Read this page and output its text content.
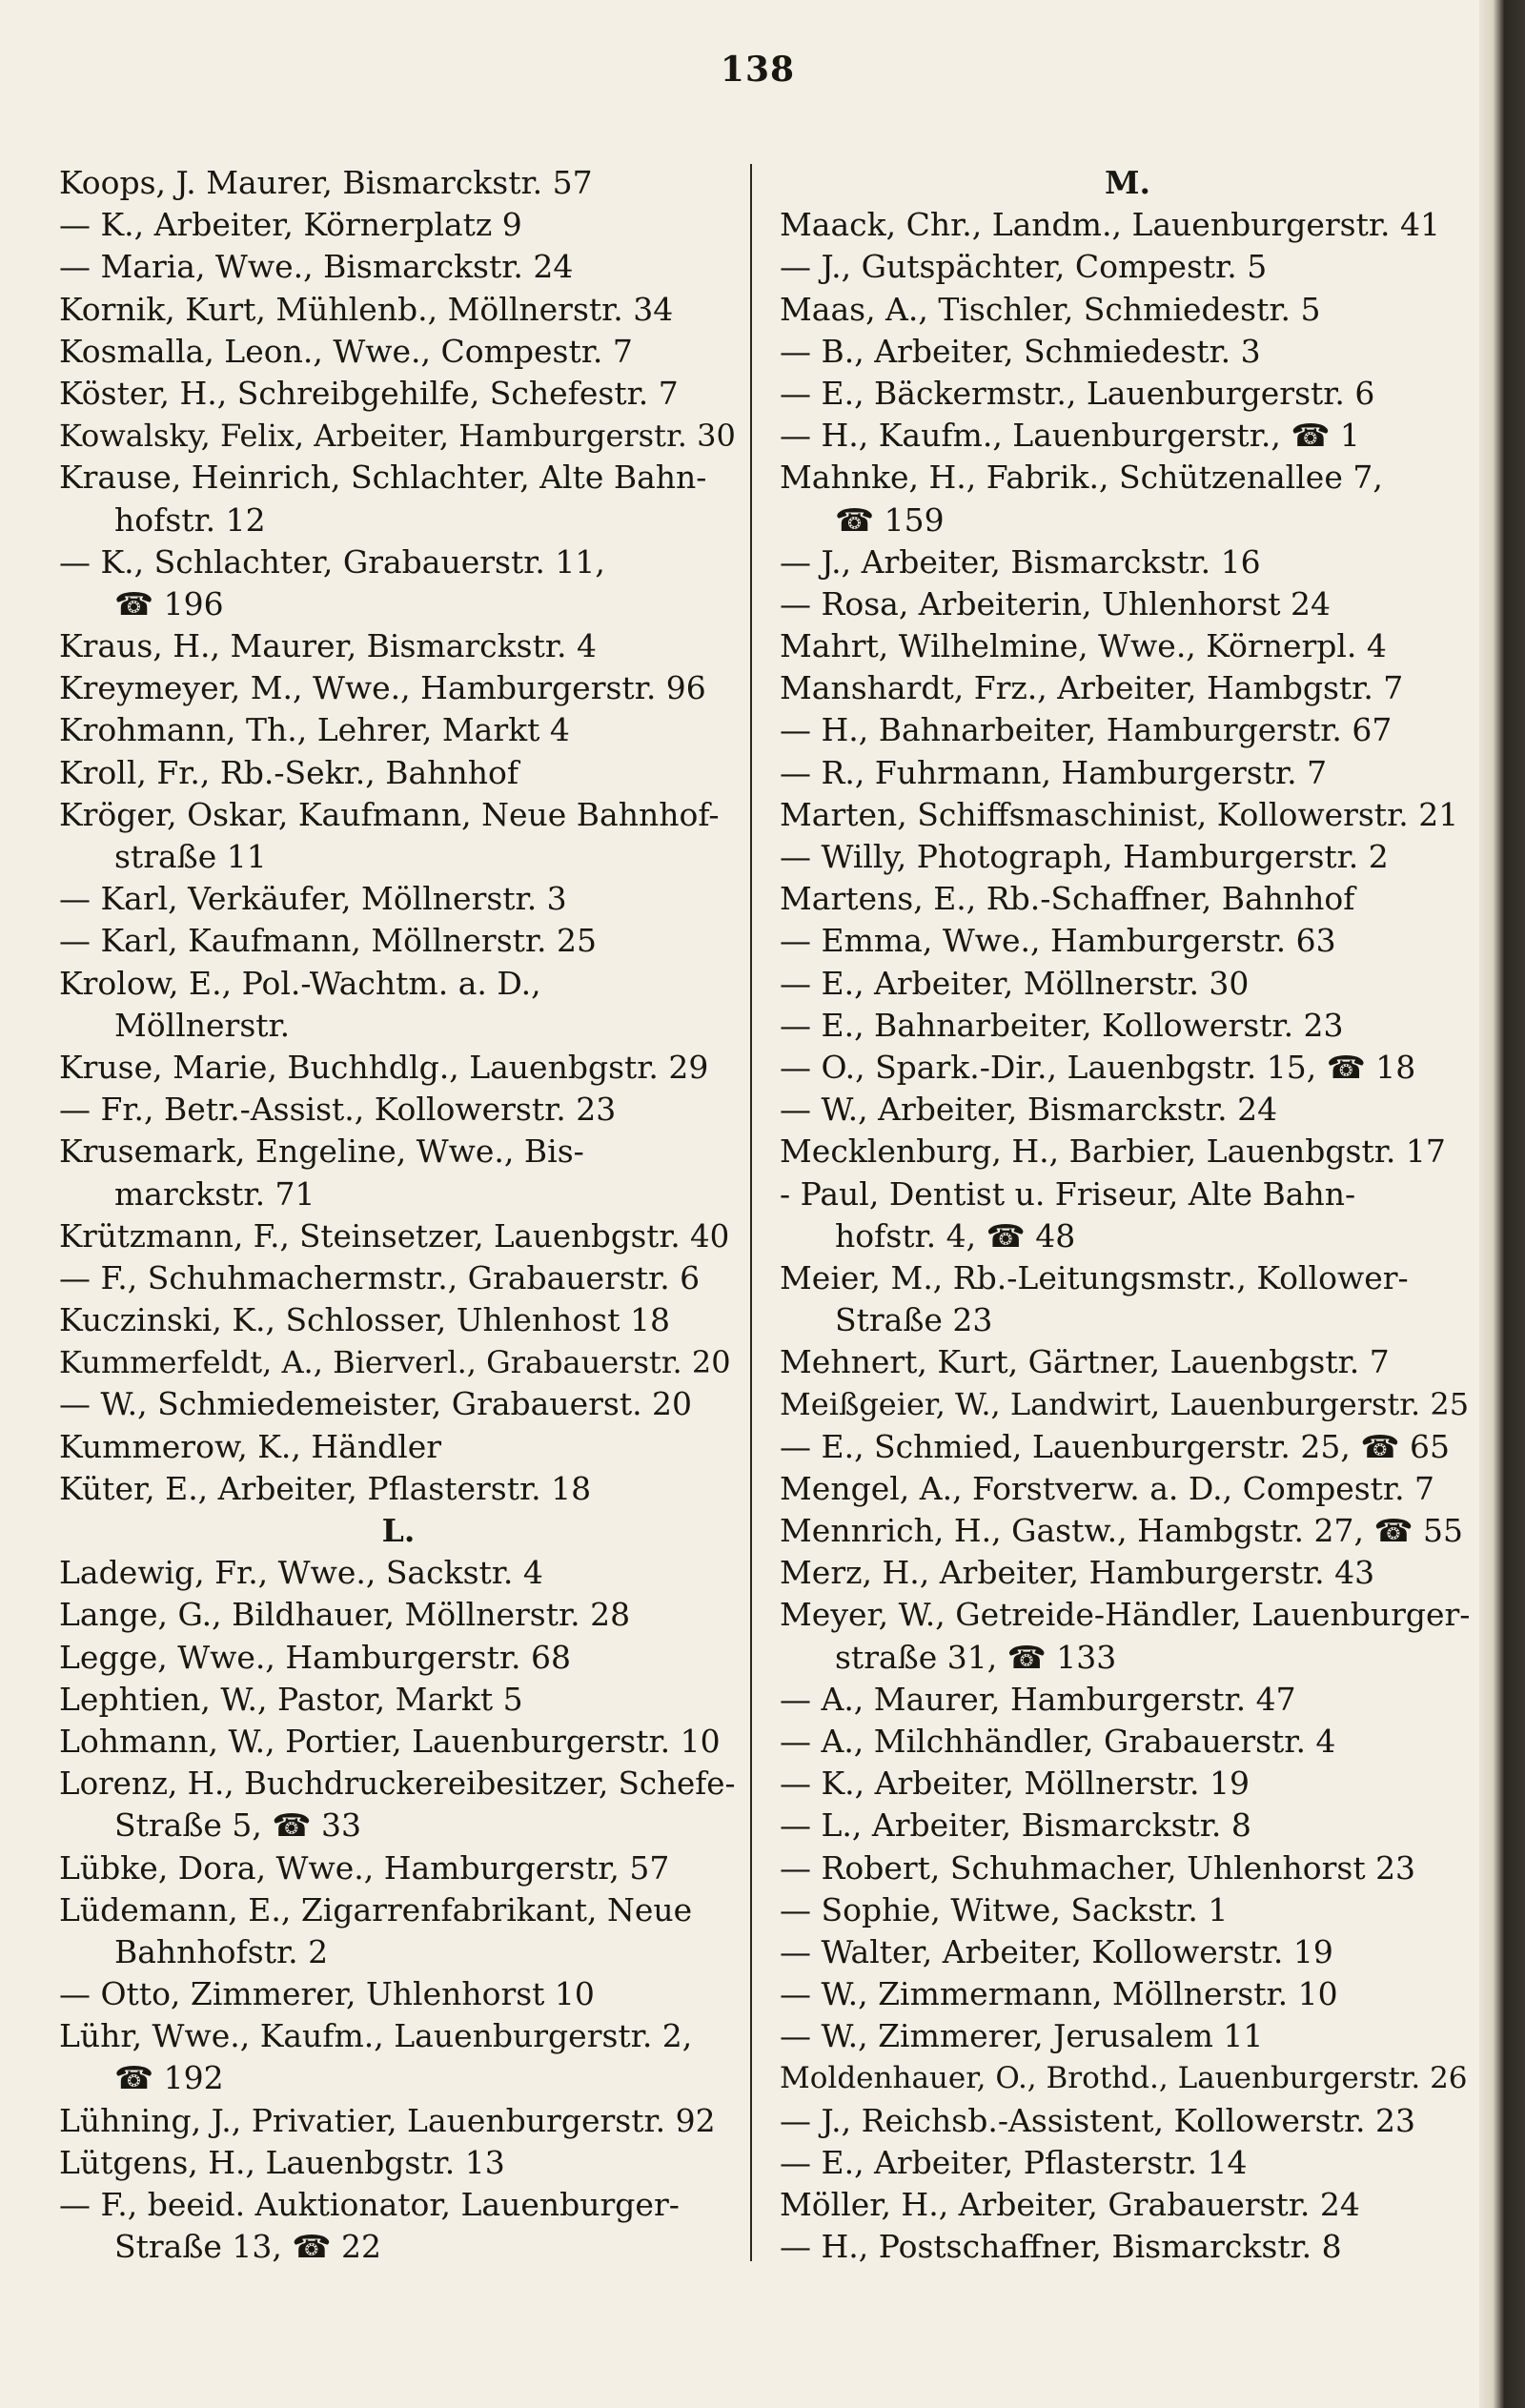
138
Koops, J. Maurer, Bismarckstr. 57
— K., Arbeiter, Körnerplatz 9
— Maria, Wwe., Bismarckstr. 24
Kornik, Kurt, Mühlenb., Möllnerstr. 34
Kosmalla, Leon., Wwe., Compestr. 7
Köster, H., Schreibgehilfe, Schefestr. 7
Kowalsky, Felix, Arbeiter, Hamburgerstr. 30
Krause, Heinrich, Schlachter, Alte Bahn-
hofstr. 12
— K., Schlachter, Grabauerstr. 11,
☎ 196
Kraus, H., Maurer, Bismarckstr. 4
Kreymeyer, M., Wwe., Hamburgerstr. 96
Krohmann, Th., Lehrer, Markt 4
Kroll, Fr., Rb.-Sekr., Bahnhof
Kröger, Oskar, Kaufmann, Neue Bahnhof-
straße 11
— Karl, Verkäufer, Möllnerstr. 3
— Karl, Kaufmann, Möllnerstr. 25
Krolow, E., Pol.-Wachtm. a. D.,
Möllnerstr.
Kruse, Marie, Buchhdlg., Lauenbgstr. 29
— Fr., Betr.-Assist., Kollowerstr. 23
Krusemark, Engeline, Wwe., Bis-
marckstr. 71
Krützmann, F., Steinsetzer, Lauenbgstr. 40
— F., Schuhmachermstr., Grabauerstr. 6
Kuczinski, K., Schlosser, Uhlenhost 18
Kummerfeldt, A., Bierverl., Grabauerstr. 20
— W., Schmiedemeister, Grabauerst. 20
Kummerow, K., Händler
Küter, E., Arbeiter, Pflasterstr. 18
L.
Ladewig, Fr., Wwe., Sackstr. 4
Lange, G., Bildhauer, Möllnerstr. 28
Legge, Wwe., Hamburgerstr. 68
Lephtien, W., Pastor, Markt 5
Lohmann, W., Portier, Lauenburgerstr. 10
Lorenz, H., Buchdruckereibesitzer, Schefe-
Straße 5, ☎ 33
Lübke, Dora, Wwe., Hamburgerstr, 57
Lüdemann, E., Zigarrenfabrikant, Neue
Bahnhofstr. 2
— Otto, Zimmerer, Uhlenhorst 10
Lühr, Wwe., Kaufm., Lauenburgerstr. 2,
☎ 192
Lühning, J., Privatier, Lauenburgerstr. 92
Lütgens, H., Lauenbgstr. 13
— F., beeid. Auktionator, Lauenburger-
Straße 13, ☎ 22
M.
Maack, Chr., Landm., Lauenburgerstr. 41
— J., Gutspächter, Compestr. 5
Maas, A., Tischler, Schmiedestr. 5
— B., Arbeiter, Schmiedestr. 3
— E., Bäckermstr., Lauenburgerstr. 6
— H., Kaufm., Lauenburgerstr., ☎ 1
Mahnke, H., Fabrik., Schützenallee 7,
☎ 159
— J., Arbeiter, Bismarckstr. 16
— Rosa, Arbeiterin, Uhlenhorst 24
Mahrt, Wilhelmine, Wwe., Körnerpl. 4
Manshardt, Frz., Arbeiter, Hambgstr. 7
— H., Bahnarbeiter, Hamburgerstr. 67
— R., Fuhrmann, Hamburgerstr. 7
Marten, Schiffsmaschinist, Kollowerstr. 21
— Willy, Photograph, Hamburgerstr. 2
Martens, E., Rb.-Schaffner, Bahnhof
— Emma, Wwe., Hamburgerstr. 63
— E., Arbeiter, Möllnerstr. 30
— E., Bahnarbeiter, Kollowerstr. 23
— O., Spark.-Dir., Lauenbgstr. 15, ☎ 18
— W., Arbeiter, Bismarckstr. 24
Mecklenburg, H., Barbier, Lauenbgstr. 17
- Paul, Dentist u. Friseur, Alte Bahn-
hofstr. 4, ☎ 48
Meier, M., Rb.-Leitungsmstr., Kollower-
Straße 23
Mehnert, Kurt, Gärtner, Lauenbgstr. 7
Meißgeier, W., Landwirt, Lauenburgerstr. 25
— E., Schmied, Lauenburgerstr. 25, ☎ 65
Mengel, A., Forstverw. a. D., Compestr. 7
Mennrich, H., Gastw., Hambgstr. 27, ☎ 55
Merz, H., Arbeiter, Hamburgerstr. 43
Meyer, W., Getreide-Händler, Lauenburger-
straße 31, ☎ 133
— A., Maurer, Hamburgerstr. 47
— A., Milchhändler, Grabauerstr. 4
— K., Arbeiter, Möllnerstr. 19
— L., Arbeiter, Bismarckstr. 8
— Robert, Schuhmacher, Uhlenhorst 23
— Sophie, Witwe, Sackstr. 1
— Walter, Arbeiter, Kollowerstr. 19
— W., Zimmermann, Möllnerstr. 10
— W., Zimmerer, Jerusalem 11
Moldenhauer, O., Brothd., Lauenburgerstr. 26
— J., Reichsb.-Assistent, Kollowerstr. 23
— E., Arbeiter, Pflasterstr. 14
Möller, H., Arbeiter, Grabauerstr. 24
— H., Postschaffner, Bismarckstr. 8
